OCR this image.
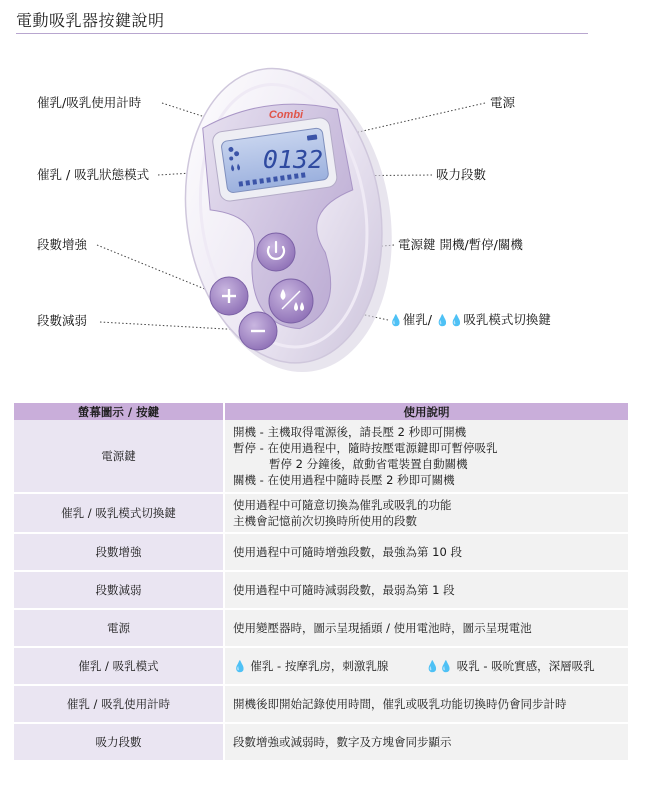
電動吸乳器按鍵說明
Combi
0132
催乳/吸乳使用計時
催乳 / 吸乳狀態模式
段數增強
段數減弱
電源
吸力段數
電源鍵 開機/暫停/關機
💧催乳/ 💧💧吸乳模式切換鍵
螢幕圖示 / 按鍵	使用說明
電源鍵	開機 - 主機取得電源後，請長壓 2 秒即可開機
暫停 - 在使用過程中，隨時按壓電源鍵即可暫停吸乳
暫停 2 分鐘後，啟動省電裝置自動關機
關機 - 在使用過程中隨時長壓 2 秒即可關機

催乳 / 吸乳模式切換鍵	使用過程中可隨意切換為催乳或吸乳的功能
主機會記憶前次切換時所使用的段數

段數增強	使用過程中可隨時增強段數，最強為第 10 段
段數減弱	使用過程中可隨時減弱段數，最弱為第 1 段
電源	使用變壓器時，圖示呈現插頭 / 使用電池時，圖示呈現電池
催乳 / 吸乳模式	💧 催乳 - 按摩乳房，刺激乳腺 💧💧 吸乳 - 吸吮實感，深層吸乳
催乳 / 吸乳使用計時	開機後即開始記錄使用時間，催乳或吸乳功能切換時仍會同步計時
吸力段數	段數增強或減弱時，數字及方塊會同步顯示
